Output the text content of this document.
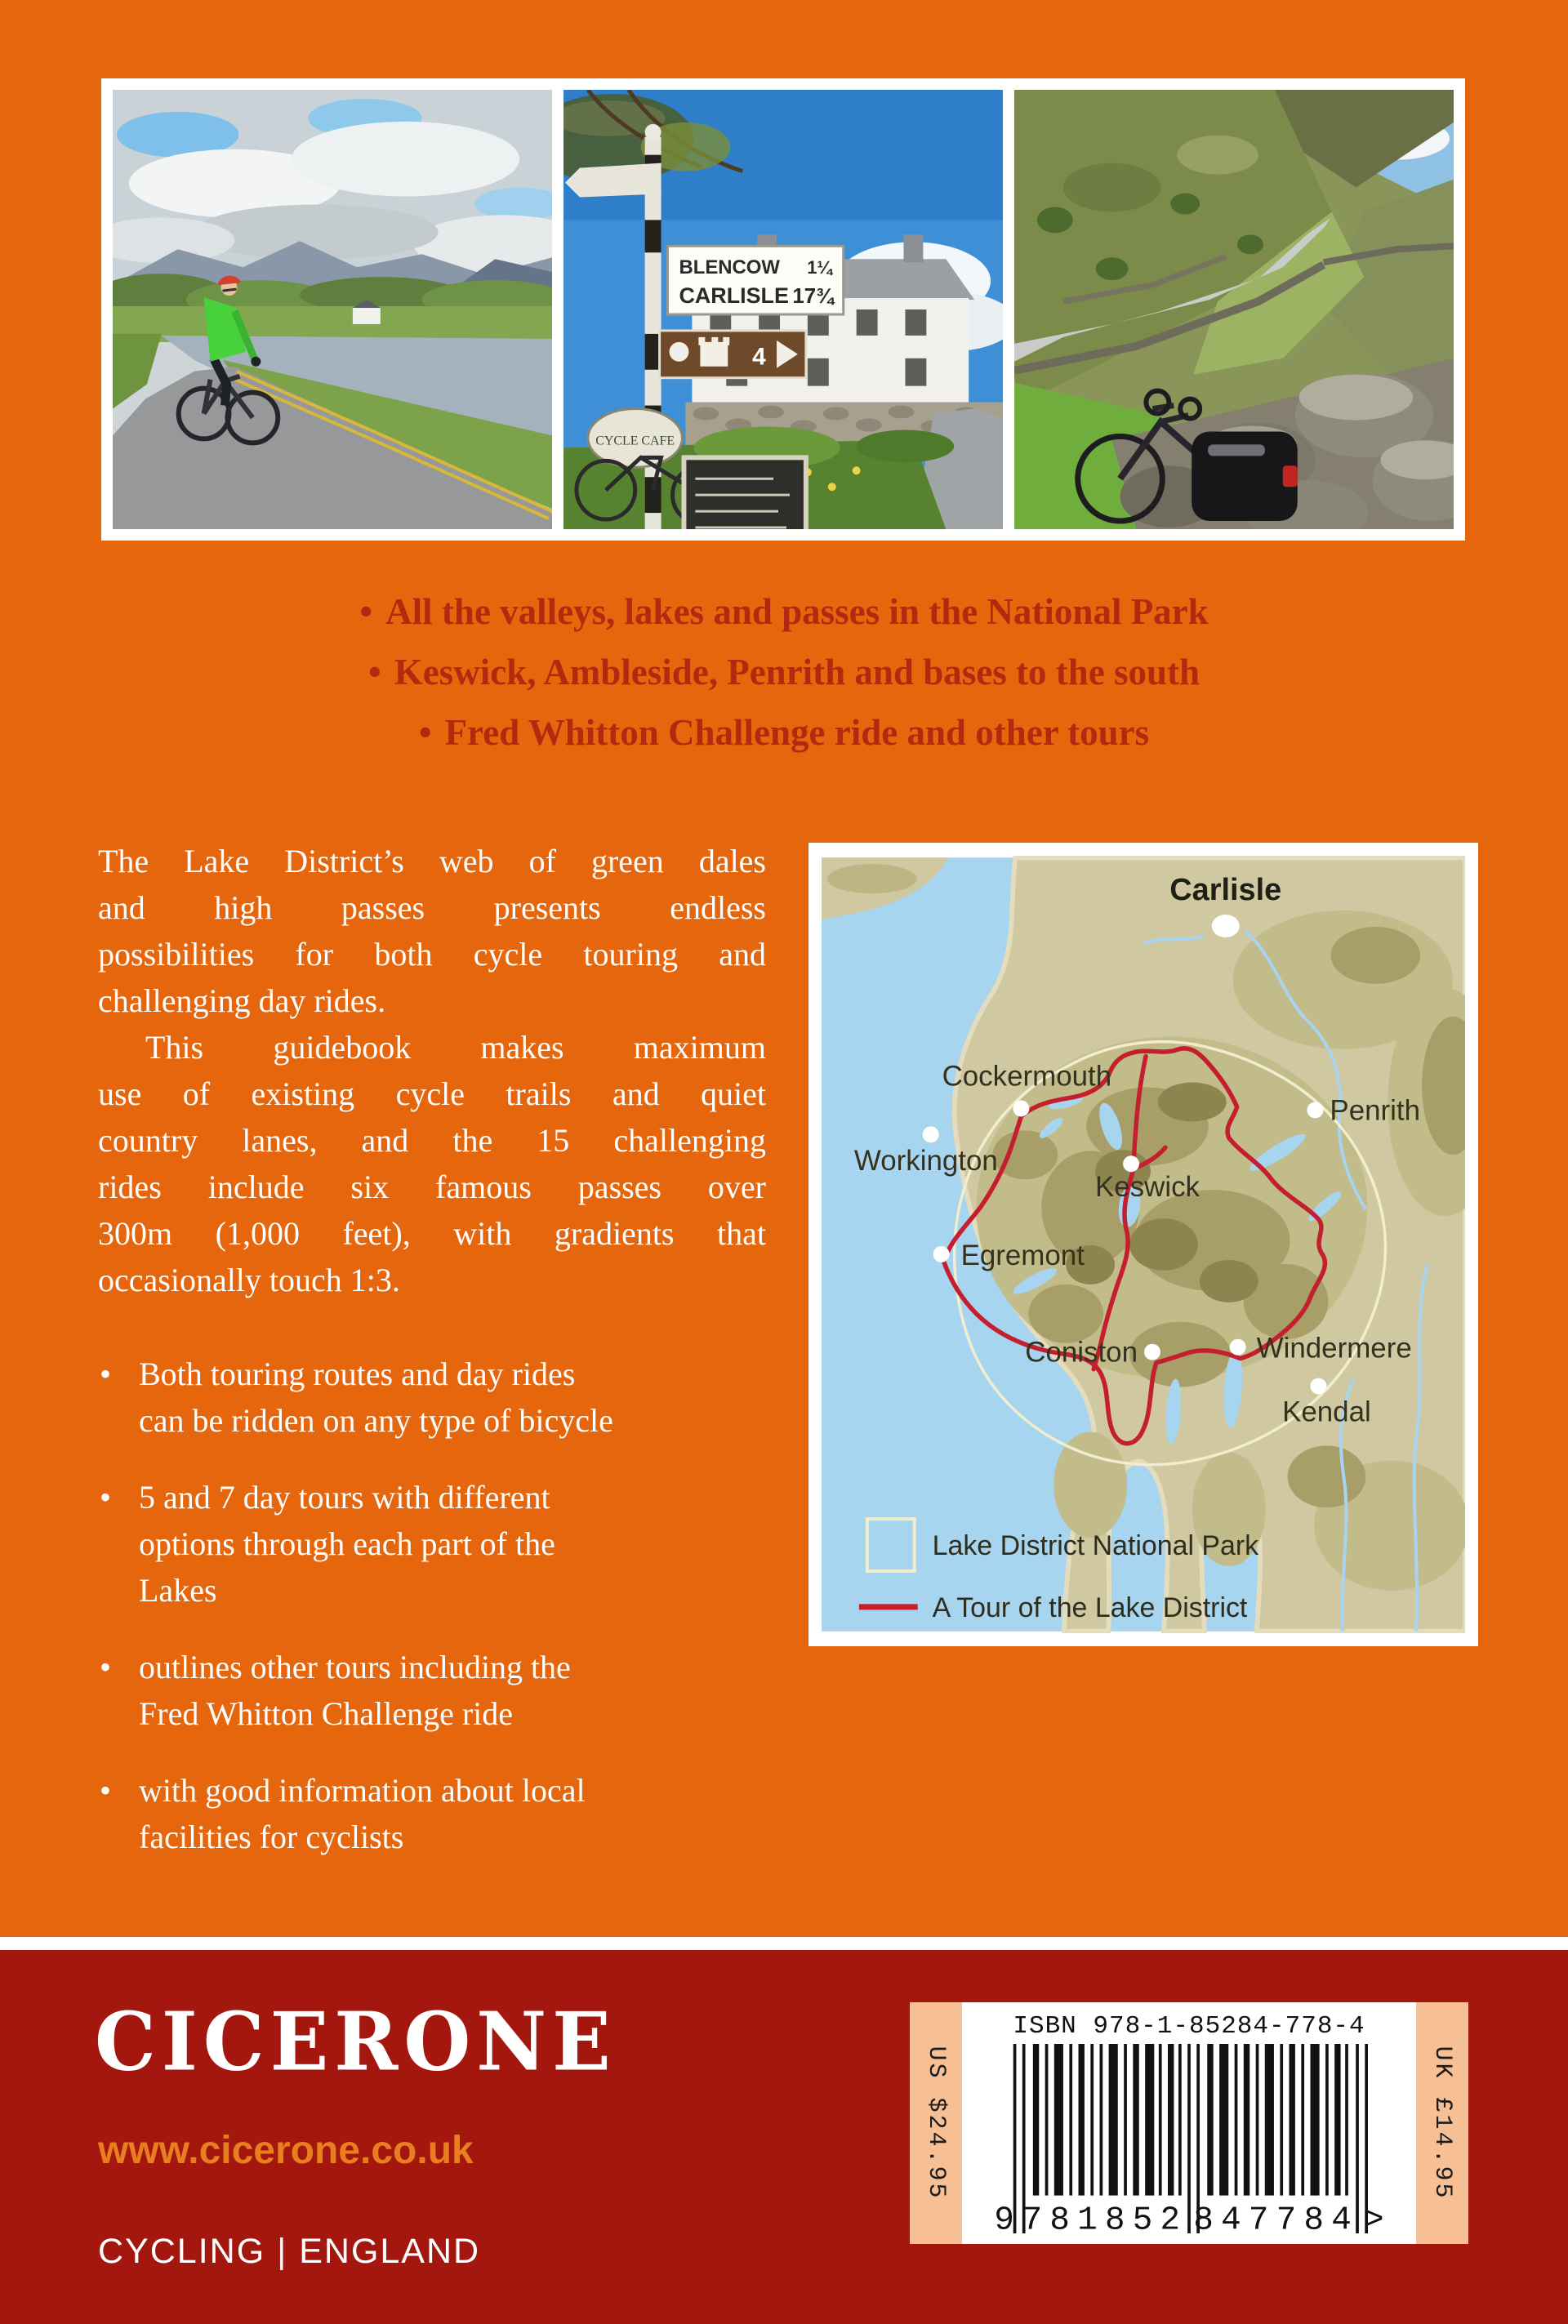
BLENCOW 1¼
CARLISLE 17¾
4
CYCLE CAFE
• All the valleys, lakes and passes in the National Park
• Keswick, Ambleside, Penrith and bases to the south
• Fred Whitton Challenge ride and other tours
The Lake District’s web of green dales
and high passes presents endless
possibilities for both cycle touring and
challenging day rides.
This guidebook makes maximum
use of existing cycle trails and quiet
country lanes, and the 15 challenging
rides include six famous passes over
300m (1,000 feet), with gradients that
occasionally touch 1:3.
• Both touring routes and day rides
can be ridden on any type of bicycle
• 5 and 7 day tours with different
options through each part of the
Lakes
• outlines other tours including the
Fred Whitton Challenge ride
• with good information about local
facilities for cyclists
Carlisle
Cockermouth
Penrith
Workington
Keswick
Egremont
Coniston	Windermere
Kendal
Lake District National Park
A Tour of the Lake District
CICERONE
www.cicerone.co.uk
CYCLING | ENGLAND
US $24.95
ISBN 978-1-85284-778-4
9 781852 847784 >
UK £14.95
